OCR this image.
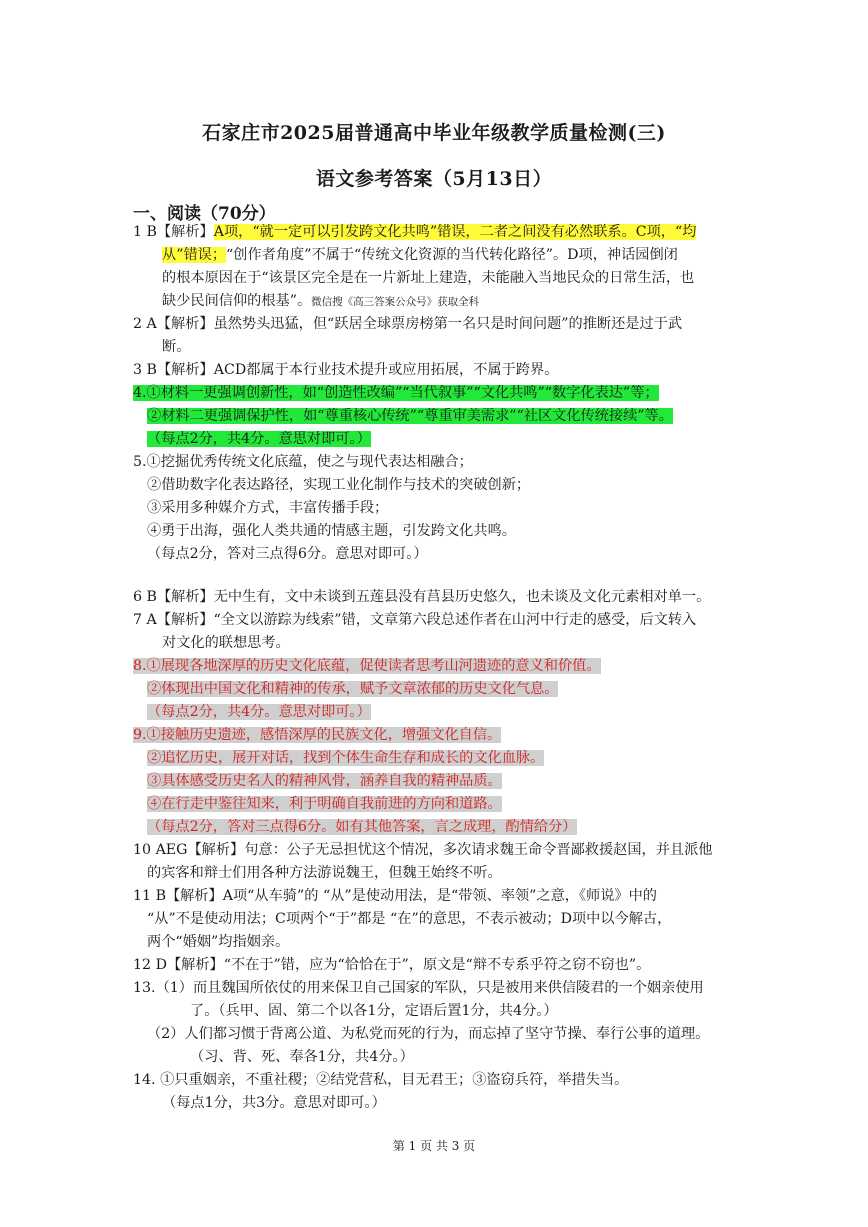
石家庄市2025届普通高中毕业年级教学质量检测(三)
语文参考答案（5月13日）
一、阅读（70分）
1 B【解析】A项，“就一定可以引发跨文化共鸣”错误，二者之间没有必然联系。C项，“均
从”错误；“创作者角度”不属于“传统文化资源的当代转化路径”。D项，神话园倒闭
的根本原因在于“该景区完全是在一片新址上建造，未能融入当地民众的日常生活，也
缺少民间信仰的根基”。微信搜《高三答案公众号》获取全科
2 A【解析】虽然势头迅猛，但“跃居全球票房榜第一名只是时间问题”的推断还是过于武
断。
3 B【解析】ACD都属于本行业技术提升或应用拓展，不属于跨界。
4.①材料一更强调创新性，如“创造性改编”“当代叙事”“文化共鸣”“数字化表达”等；
②材料二更强调保护性，如“尊重核心传统”“尊重审美需求”“社区文化传统接续”等。
（每点2分，共4分。意思对即可。）
5.①挖掘优秀传统文化底蕴，使之与现代表达相融合；
②借助数字化表达路径，实现工业化制作与技术的突破创新；
③采用多种媒介方式，丰富传播手段；
④勇于出海，强化人类共通的情感主题，引发跨文化共鸣。
（每点2分，答对三点得6分。意思对即可。）
6 B【解析】无中生有，文中未谈到五莲县没有莒县历史悠久，也未谈及文化元素相对单一。
7 A【解析】“全文以游踪为线索”错，文章第六段总述作者在山河中行走的感受，后文转入
对文化的联想思考。
8.①展现各地深厚的历史文化底蕴，促使读者思考山河遗迹的意义和价值。
②体现出中国文化和精神的传承，赋予文章浓郁的历史文化气息。
（每点2分，共4分。意思对即可。）
9.①接触历史遗迹，感悟深厚的民族文化，增强文化自信。
②追忆历史，展开对话，找到个体生命生存和成长的文化血脉。
③具体感受历史名人的精神风骨，涵养自我的精神品质。
④在行走中鉴往知来，利于明确自我前进的方向和道路。
（每点2分，答对三点得6分。如有其他答案，言之成理，酌情给分）
10 AEG【解析】句意：公子无忌担忧这个情况，多次请求魏王命令晋鄙救援赵国，并且派他
的宾客和辩士们用各种方法游说魏王，但魏王始终不听。
11 B【解析】A项“从车骑”的 “从”是使动用法，是“带领、率领”之意，《师说》中的
“从”不是使动用法；C项两个“于”都是 “在”的意思，不表示被动；D项中以今解古，
两个“婚姻”均指姻亲。
12 D【解析】“不在于”错，应为“恰恰在于”，原文是“辩不专系乎符之窃不窃也”。
13.（1）而且魏国所依仗的用来保卫自己国家的军队，只是被用来供信陵君的一个姻亲使用
了。（兵甲、固、第二个以各1分，定语后置1分，共4分。）
（2）人们都习惯于背离公道、为私党而死的行为，而忘掉了坚守节操、奉行公事的道理。
（习、背、死、奉各1分，共4分。）
14. ①只重姻亲，不重社稷；②结党营私，目无君王；③盗窃兵符，举措失当。
（每点1分，共3分。意思对即可。）
第 1 页 共 3 页
